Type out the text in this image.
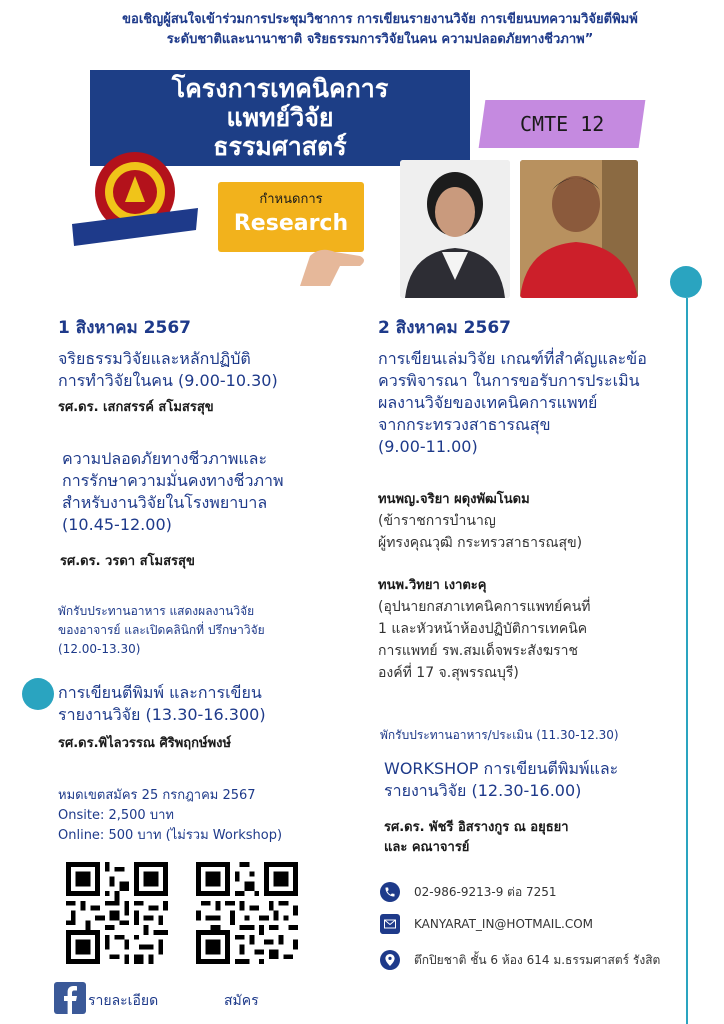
ขอเชิญผู้สนใจเข้าร่วมการประชุมวิชาการ การเขียนรายงานวิจัย การเขียนบทความวิจัยตีพิมพ์
ระดับชาติและนานาชาติ จริยธรรมการวิจัยในคน ความปลอดภัยทางชีวภาพ”
โครงการเทคนิคการ
แพทย์วิจัย
ธรรมศาสตร์
CMTE 12
กำหนดการ
Research
1 สิงหาคม 2567
จริยธรรมวิจัยและหลักปฏิบัติ
การทำวิจัยในคน (9.00-10.30)
รศ.ดร. เสกสรรค์ สโมสรสุข
ความปลอดภัยทางชีวภาพและ
การรักษาความมั่นคงทางชีวภาพ
สำหรับงานวิจัยในโรงพยาบาล
(10.45-12.00)
รศ.ดร. วรดา สโมสรสุข
พักรับประทานอาหาร แสดงผลงานวิจัย
ของอาจารย์ และเปิดคลินิกที่ ปรึกษาวิจัย
(12.00-13.30)
การเขียนตีพิมพ์ และการเขียน
รายงานวิจัย (13.30-16.300)
รศ.ดร.พิไลวรรณ ศิริพฤกษ์พงษ์
หมดเขตสมัคร 25 กรกฎาคม 2567
Onsite: 2,500 บาท
Online: 500 บาท (ไม่รวม Workshop)
รายละเอียด	สมัคร
2 สิงหาคม 2567
การเขียนเล่มวิจัย เกณฑ์ที่สำคัญและข้อ
ควรพิจารณา ในการขอรับการประเมิน
ผลงานวิจัยของเทคนิคการแพทย์
จากกระทรวงสาธารณสุข
(9.00-11.00)
ทนพญ.จริยา ผดุงพัฒโนดม
(ข้าราชการบำนาญ
ผู้ทรงคุณวุฒิ กระทรวสาธารณสุข)
ทนพ.วิทยา เงาตะคุ
(อุปนายกสภาเทคนิคการแพทย์คนที่
1 และหัวหน้าห้องปฏิบัติการเทคนิค
การแพทย์ รพ.สมเด็จพระสังฆราช
องค์ที่ 17 จ.สุพรรณบุรี)
พักรับประทานอาหาร/ประเมิน (11.30-12.30)
WORKSHOP การเขียนตีพิมพ์และ
รายงานวิจัย (12.30-16.00)
รศ.ดร. พัชรี อิสรางกูร ณ อยุธยา
และ คณาจารย์
02-986-9213-9 ต่อ 7251
KANYARAT_IN@HOTMAIL.COM
ตึกปิยชาติ ชั้น 6 ห้อง 614 ม.ธรรมศาสตร์ รังสิต
